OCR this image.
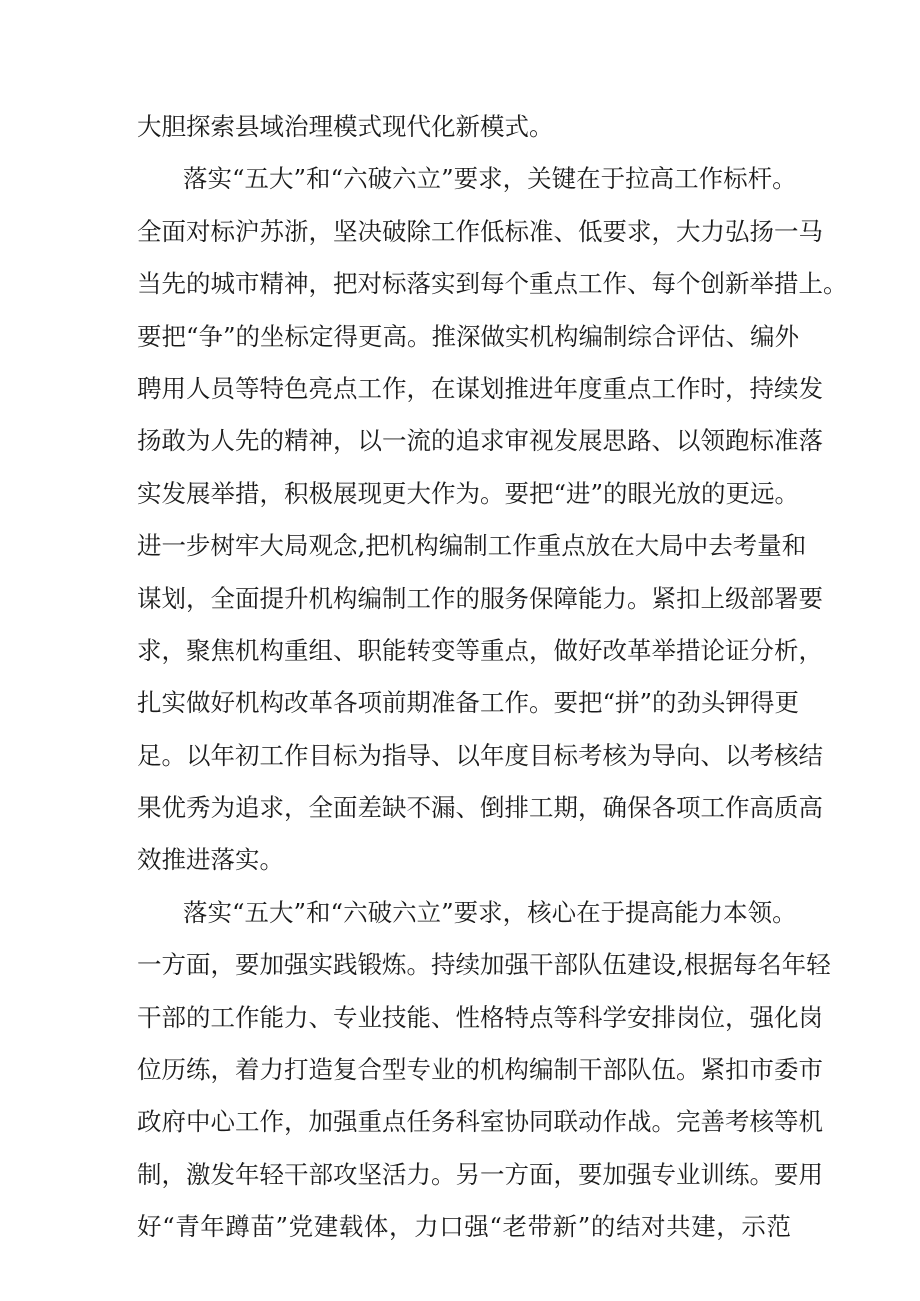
大胆探索县域治理模式现代化新模式。
落实“五大”和“六破六立”要求，关键在于拉高工作标杆。
全面对标沪苏浙，坚决破除工作低标准、低要求，大力弘扬一马
当先的城市精神，把对标落实到每个重点工作、每个创新举措上。
要把“争”的坐标定得更高。推深做实机构编制综合评估、编外
聘用人员等特色亮点工作，在谋划推进年度重点工作时，持续发
扬敢为人先的精神，以一流的追求审视发展思路、以领跑标准落
实发展举措，积极展现更大作为。要把“进”的眼光放的更远。
进一步树牢大局观念,把机构编制工作重点放在大局中去考量和
谋划，全面提升机构编制工作的服务保障能力。紧扣上级部署要
求，聚焦机构重组、职能转变等重点，做好改革举措论证分析，
扎实做好机构改革各项前期准备工作。要把“拼”的劲头钾得更
足。以年初工作目标为指导、以年度目标考核为导向、以考核结
果优秀为追求，全面差缺不漏、倒排工期，确保各项工作高质高
效推进落实。
落实“五大”和“六破六立”要求，核心在于提高能力本领。
一方面，要加强实践锻炼。持续加强干部队伍建设,根据每名年轻
干部的工作能力、专业技能、性格特点等科学安排岗位，强化岗
位历练，着力打造复合型专业的机构编制干部队伍。紧扣市委市
政府中心工作，加强重点任务科室协同联动作战。完善考核等机
制，激发年轻干部攻坚活力。另一方面，要加强专业训练。要用
好“青年蹲苗”党建载体，力口强“老带新”的结对共建，示范
